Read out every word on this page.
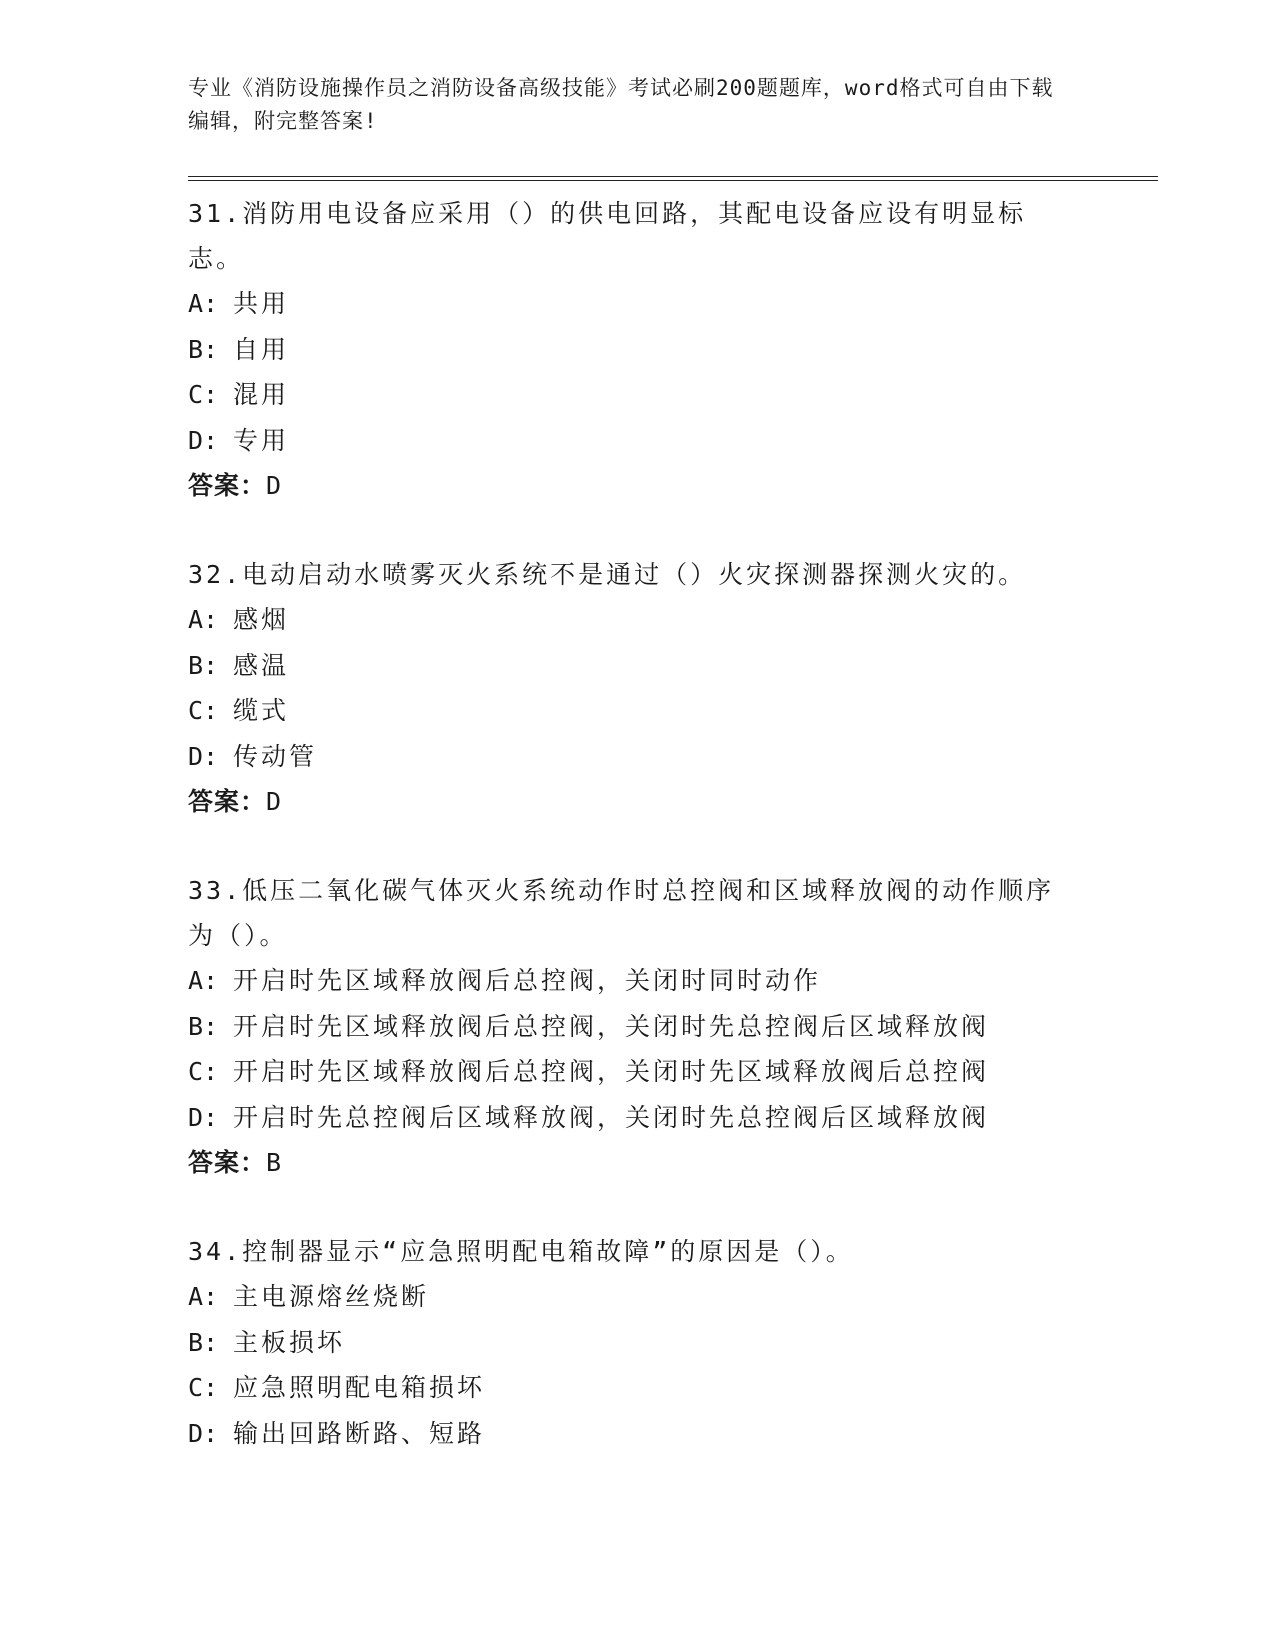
专业《消防设施操作员之消防设备高级技能》考试必刷200题题库，word格式可自由下载编辑，附完整答案!
31.消防用电设备应采用（）的供电回路，其配电设备应设有明显标志。
A: 共用
B: 自用
C: 混用
D: 专用
答案：D
32.电动启动水喷雾灭火系统不是通过（）火灾探测器探测火灾的。
A: 感烟
B: 感温
C: 缆式
D: 传动管
答案：D
33.低压二氧化碳气体灭火系统动作时总控阀和区域释放阀的动作顺序为（）。
A: 开启时先区域释放阀后总控阀，关闭时同时动作
B: 开启时先区域释放阀后总控阀，关闭时先总控阀后区域释放阀
C: 开启时先区域释放阀后总控阀，关闭时先区域释放阀后总控阀
D: 开启时先总控阀后区域释放阀，关闭时先总控阀后区域释放阀
答案：B
34.控制器显示“应急照明配电箱故障”的原因是（）。
A: 主电源熔丝烧断
B: 主板损坏
C: 应急照明配电箱损坏
D: 输出回路断路、短路
